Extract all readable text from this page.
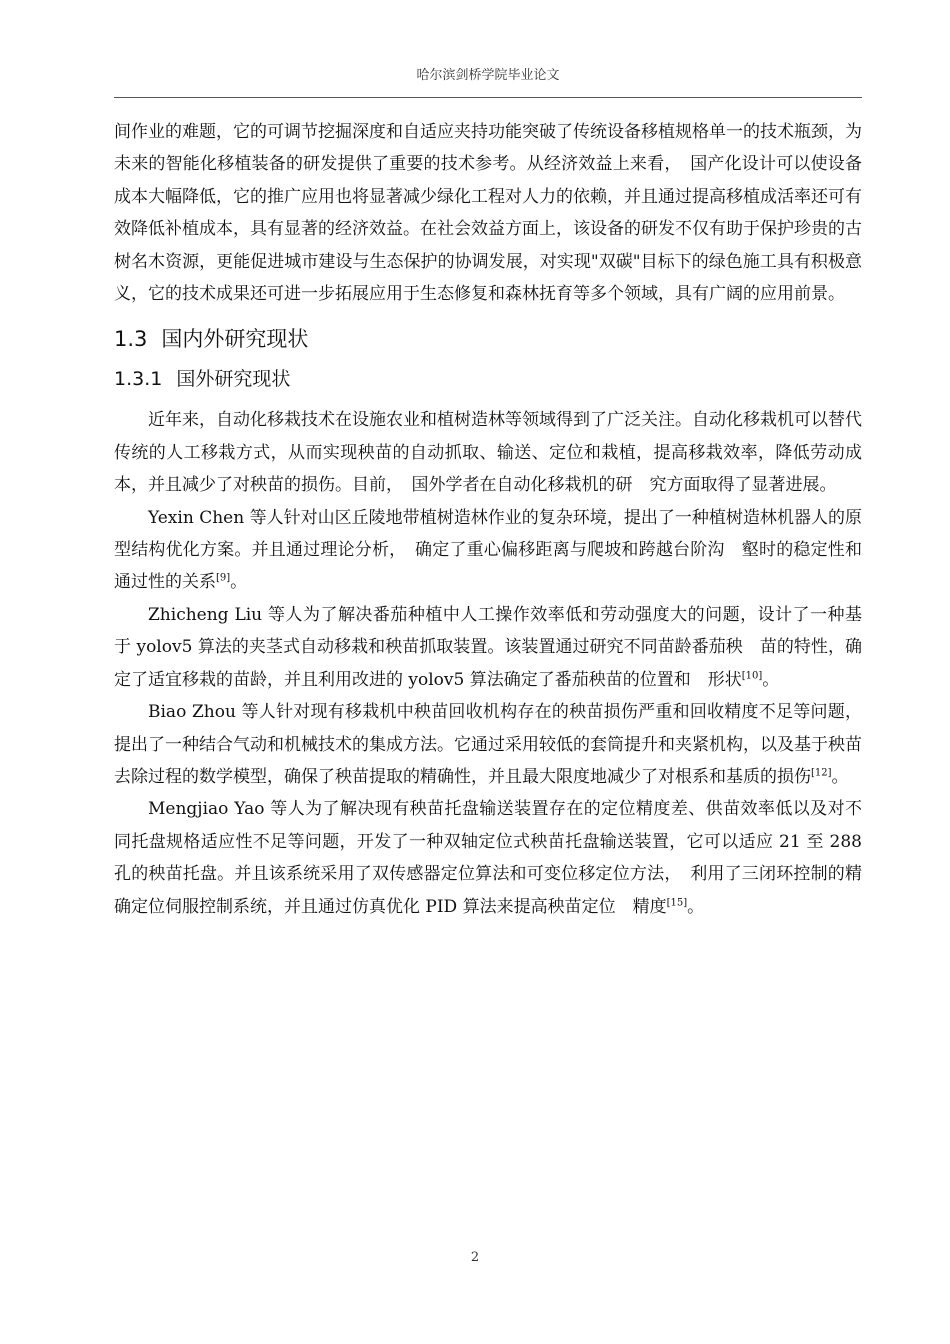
哈尔滨剑桥学院毕业论文

间作业的难题，它的可调节挖掘深度和自适应夹持功能突破了传统设备移植规格单一的技术瓶颈，为未来的智能化移植装备的研发提供了重要的技术参考。从经济效益上来看，　国产化设计可以使设备成本大幅降低，它的推广应用也将显著减少绿化工程对人力的依赖，并且通过提高移植成活率还可有效降低补植成本，具有显著的经济效益。在社会效益方面上，该设备的研发不仅有助于保护珍贵的古树名木资源，更能促进城市建设与生态保护的协调发展，对实现"双碳"目标下的绿色施工具有积极意义，它的技术成果还可进一步拓展应用于生态修复和森林抚育等多个领域，具有广阔的应用前景。

1.3 国内外研究现状
1.3.1 国外研究现状

近年来，自动化移栽技术在设施农业和植树造林等领域得到了广泛关注。自动化移栽机可以替代传统的人工移栽方式，从而实现秧苗的自动抓取、输送、定位和栽植，提高移栽效率，降低劳动成本，并且减少了对秧苗的损伤。目前，　国外学者在自动化移栽机的研　究方面取得了显著进展。

Yexin Chen 等人针对山区丘陵地带植树造林作业的复杂环境，提出了一种植树造林机器人的原型结构优化方案。并且通过理论分析，　确定了重心偏移距离与爬坡和跨越台阶沟　壑时的稳定性和通过性的关系[9]。

Zhicheng Liu 等人为了解决番茄种植中人工操作效率低和劳动强度大的问题，设计了一种基于 yolov5 算法的夹茎式自动移栽和秧苗抓取装置。该装置通过研究不同苗龄番茄秧　苗的特性，确定了适宜移栽的苗龄，并且利用改进的 yolov5 算法确定了番茄秧苗的位置和　形状[10]。

Biao Zhou 等人针对现有移栽机中秧苗回收机构存在的秧苗损伤严重和回收精度不足等问题，提出了一种结合气动和机械技术的集成方法。它通过采用较低的套筒提升和夹紧机构，以及基于秧苗去除过程的数学模型，确保了秧苗提取的精确性，并且最大限度地减少了对根系和基质的损伤[12]。

Mengjiao Yao 等人为了解决现有秧苗托盘输送装置存在的定位精度差、供苗效率低以及对不同托盘规格适应性不足等问题，开发了一种双轴定位式秧苗托盘输送装置，它可以适应 21 至 288 孔的秧苗托盘。并且该系统采用了双传感器定位算法和可变位移定位方法，　利用了三闭环控制的精确定位伺服控制系统，并且通过仿真优化 PID 算法来提高秧苗定位　精度[15]。

2
